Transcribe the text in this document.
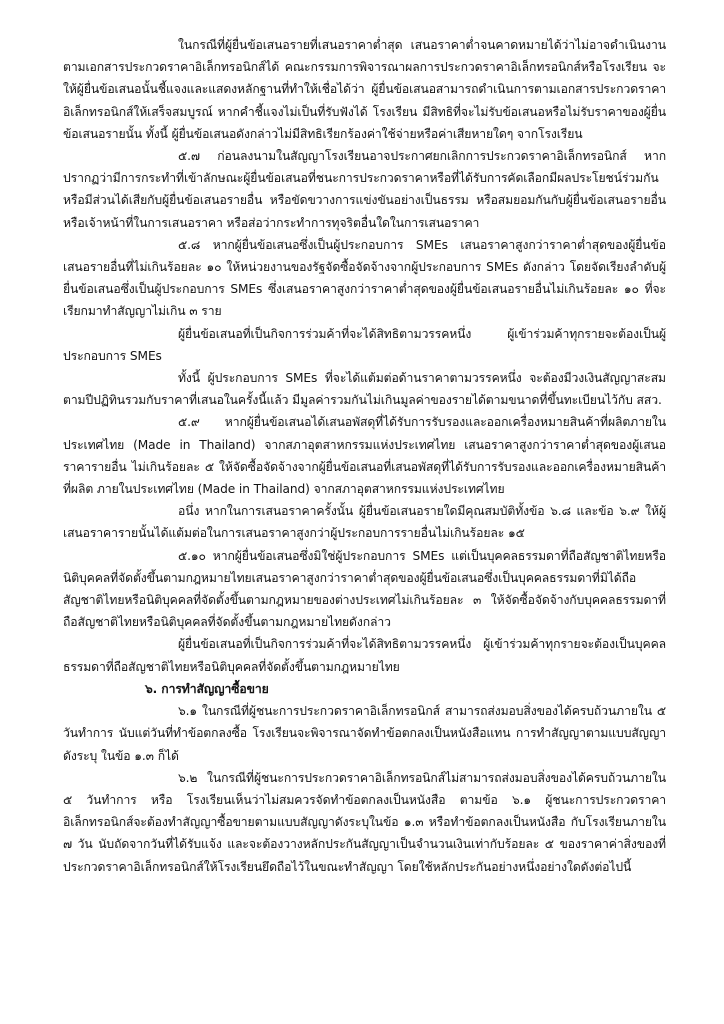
ในกรณีที่ผู้ยื่นข้อเสนอรายที่เสนอราคาต่ำสุด เสนอราคาต่ำจนคาดหมายได้ว่าไม่อาจดำเนินงานตามเอกสารประกวดราคาอิเล็กทรอนิกส์ได้ คณะกรรมการพิจารณาผลการประกวดราคาอิเล็กทรอนิกส์หรือโรงเรียน จะให้ผู้ยื่นข้อเสนอนั้นชี้แจงและแสดงหลักฐานที่ทำให้เชื่อได้ว่า ผู้ยื่นข้อเสนอสามารถดำเนินการตามเอกสารประกวดราคาอิเล็กทรอนิกส์ให้เสร็จสมบูรณ์ หากคำชี้แจงไม่เป็นที่รับฟังได้ โรงเรียน มีสิทธิที่จะไม่รับข้อเสนอหรือไม่รับราคาของผู้ยื่นข้อเสนอรายนั้น ทั้งนี้ ผู้ยื่นข้อเสนอดังกล่าวไม่มีสิทธิเรียกร้องค่าใช้จ่ายหรือค่าเสียหายใดๆ จากโรงเรียน

๕.๗ ก่อนลงนามในสัญญาโรงเรียนอาจประกาศยกเลิกการประกวดราคาอิเล็กทรอนิกส์ หากปรากฏว่ามีการกระทำที่เข้าลักษณะผู้ยื่นข้อเสนอที่ชนะการประกวดราคาหรือที่ได้รับการคัดเลือกมีผลประโยชน์ร่วมกัน หรือมีส่วนได้เสียกับผู้ยื่นข้อเสนอรายอื่น หรือขัดขวางการแข่งขันอย่างเป็นธรรม หรือสมยอมกันกับผู้ยื่นข้อเสนอรายอื่น หรือเจ้าหน้าที่ในการเสนอราคา หรือส่อว่ากระทำการทุจริตอื่นใดในการเสนอราคา

๕.๘ หากผู้ยื่นข้อเสนอซึ่งเป็นผู้ประกอบการ SMEs เสนอราคาสูงกว่าราคาต่ำสุดของผู้ยื่นข้อเสนอรายอื่นที่ไม่เกินร้อยละ ๑๐ ให้หน่วยงานของรัฐจัดซื้อจัดจ้างจากผู้ประกอบการ SMEs ดังกล่าว โดยจัดเรียงลำดับผู้ยื่นข้อเสนอซึ่งเป็นผู้ประกอบการ SMEs ซึ่งเสนอราคาสูงกว่าราคาต่ำสุดของผู้ยื่นข้อเสนอรายอื่นไม่เกินร้อยละ ๑๐ ที่จะเรียกมาทำสัญญาไม่เกิน ๓ ราย

ผู้ยื่นข้อเสนอที่เป็นกิจการร่วมค้าที่จะได้สิทธิตามวรรคหนึ่ง ผู้เข้าร่วมค้าทุกรายจะต้องเป็นผู้ประกอบการ SMEs

ทั้งนี้ ผู้ประกอบการ SMEs ที่จะได้แต้มต่อด้านราคาตามวรรคหนึ่ง จะต้องมีวงเงินสัญญาสะสมตามปีปฏิทินรวมกับราคาที่เสนอในครั้งนี้แล้ว มีมูลค่ารวมกันไม่เกินมูลค่าของรายได้ตามขนาดที่ขึ้นทะเบียนไว้กับ สสว.

๕.๙ หากผู้ยื่นข้อเสนอได้เสนอพัสดุที่ได้รับการรับรองและออกเครื่องหมายสินค้าที่ผลิตภายในประเทศไทย (Made in Thailand) จากสภาอุตสาหกรรมแห่งประเทศไทย เสนอราคาสูงกว่าราคาต่ำสุดของผู้เสนอราคารายอื่น ไม่เกินร้อยละ ๕ ให้จัดซื้อจัดจ้างจากผู้ยื่นข้อเสนอที่เสนอพัสดุที่ได้รับการรับรองและออกเครื่องหมายสินค้าที่ผลิต ภายในประเทศไทย (Made in Thailand) จากสภาอุตสาหกรรมแห่งประเทศไทย

อนึ่ง หากในการเสนอราคาครั้งนั้น ผู้ยื่นข้อเสนอรายใดมีคุณสมบัติทั้งข้อ ๖.๘ และข้อ ๖.๙ ให้ผู้เสนอราคารายนั้นได้แต้มต่อในการเสนอราคาสูงกว่าผู้ประกอบการรายอื่นไม่เกินร้อยละ ๑๕

๕.๑๐ หากผู้ยื่นข้อเสนอซึ่งมิใช่ผู้ประกอบการ SMEs แต่เป็นบุคคลธรรมดาที่ถือสัญชาติไทยหรือนิติบุคคลที่จัดตั้งขึ้นตามกฎหมายไทยเสนอราคาสูงกว่าราคาต่ำสุดของผู้ยื่นข้อเสนอซึ่งเป็นบุคคลธรรมดาที่มิได้ถือสัญชาติไทยหรือนิติบุคคลที่จัดตั้งขึ้นตามกฎหมายของต่างประเทศไม่เกินร้อยละ ๓ ให้จัดซื้อจัดจ้างกับบุคคลธรรมดาที่ถือสัญชาติไทยหรือนิติบุคคลที่จัดตั้งขึ้นตามกฎหมายไทยดังกล่าว

ผู้ยื่นข้อเสนอที่เป็นกิจการร่วมค้าที่จะได้สิทธิตามวรรคหนึ่ง ผู้เข้าร่วมค้าทุกรายจะต้องเป็นบุคคลธรรมดาที่ถือสัญชาติไทยหรือนิติบุคคลที่จัดตั้งขึ้นตามกฎหมายไทย

๖. การทำสัญญาซื้อขาย

๖.๑ ในกรณีที่ผู้ชนะการประกวดราคาอิเล็กทรอนิกส์ สามารถส่งมอบสิ่งของได้ครบถ้วนภายใน ๕ วันทำการ นับแต่วันที่ทำข้อตกลงซื้อ โรงเรียนจะพิจารณาจัดทำข้อตกลงเป็นหนังสือแทน การทำสัญญาตามแบบสัญญาดังระบุ ในข้อ ๑.๓ ก็ได้

๖.๒ ในกรณีที่ผู้ชนะการประกวดราคาอิเล็กทรอนิกส์ไม่สามารถส่งมอบสิ่งของได้ครบถ้วนภายใน ๕ วันทำการ หรือ โรงเรียนเห็นว่าไม่สมควรจัดทำข้อตกลงเป็นหนังสือ ตามข้อ ๖.๑ ผู้ชนะการประกวดราคาอิเล็กทรอนิกส์จะต้องทำสัญญาซื้อขายตามแบบสัญญาดังระบุในข้อ ๑.๓ หรือทำข้อตกลงเป็นหนังสือ กับโรงเรียนภายใน ๗ วัน นับถัดจากวันที่ได้รับแจ้ง และจะต้องวางหลักประกันสัญญาเป็นจำนวนเงินเท่ากับร้อยละ ๕ ของราคาค่าสิ่งของที่ประกวดราคาอิเล็กทรอนิกส์ให้โรงเรียนยึดถือไว้ในขณะทำสัญญา โดยใช้หลักประกันอย่างหนึ่งอย่างใดดังต่อไปนี้
